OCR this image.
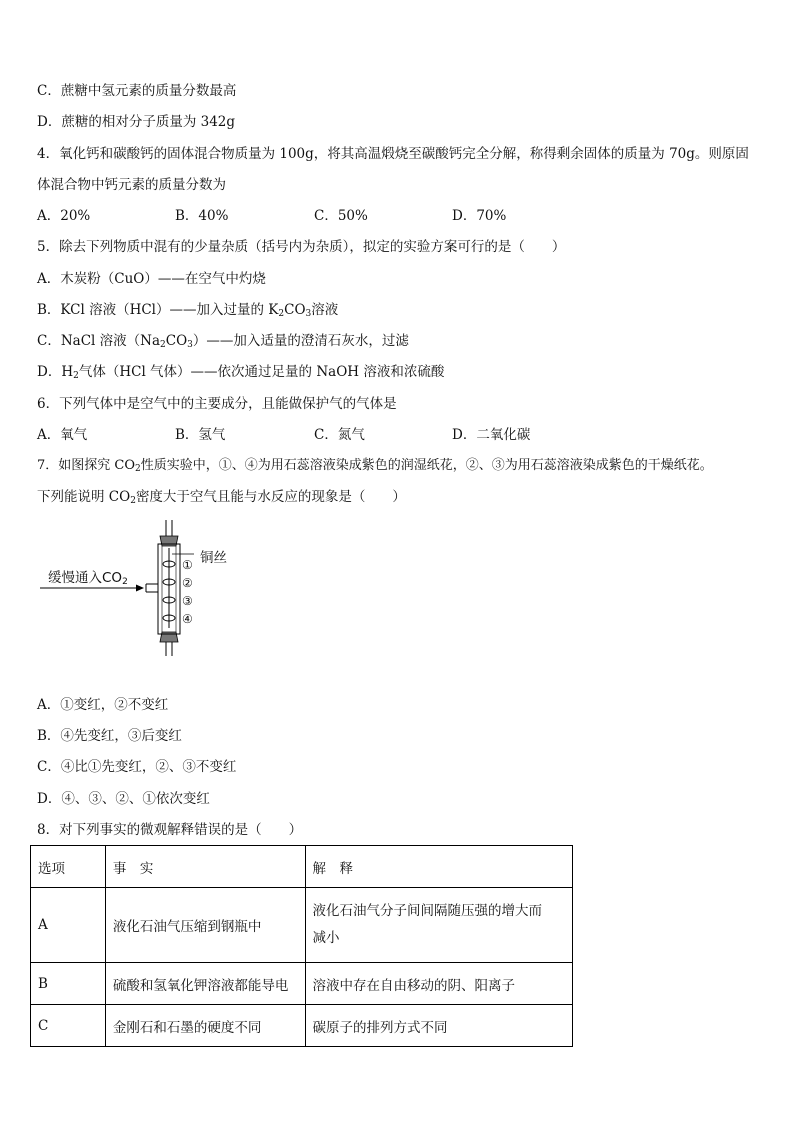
C．蔗糖中氢元素的质量分数最高
D．蔗糖的相对分子质量为 342g
4．氧化钙和碳酸钙的固体混合物质量为 100g，将其高温煅烧至碳酸钙完全分解，称得剩余固体的质量为 70g。则原固
体混合物中钙元素的质量分数为
A．20%	B．40%	C．50%	D．70%
5．除去下列物质中混有的少量杂质（括号内为杂质），拟定的实验方案可行的是（　　）
A．木炭粉（CuO）——在空气中灼烧
B．KCl 溶液（HCl）——加入过量的 $K_2CO_3$溶液
C．NaCl 溶液$(Na_2CO_3)——$加入适量的澄清石灰水，过滤
D．$H_2$气体（HCl 气体）——依次通过足量的 NaOH 溶液和浓硫酸
6．下列气体中是空气中的主要成分，且能做保护气的气体是
A．氧气	B．氢气	C．氮气	D．二氧化碳
7．如图探究 $CO_2$性质实验中，①、④为用石蕊溶液染成紫色的润湿纸花，②、③为用石蕊溶液染成紫色的干燥纸花。
下列能说明 $CO_2$密度大于空气且能与水反应的现象是（　　）
缓慢通入$CO_2$
铜丝
①
②
③
④
A．①变红，②不变红
B．④先变红，③后变红
C．④比①先变红，②、③不变红
D．④、③、②、①依次变红
8．对下列事实的微观解释错误的是（　　）
选项	事　实	解　释
A	液化石油气压缩到钢瓶中	液化石油气分子间间隔随压强的增大而
减小

B	硫酸和氢氧化钾溶液都能导电	溶液中存在自由移动的阴、阳离子
C	金刚石和石墨的硬度不同	碳原子的排列方式不同
